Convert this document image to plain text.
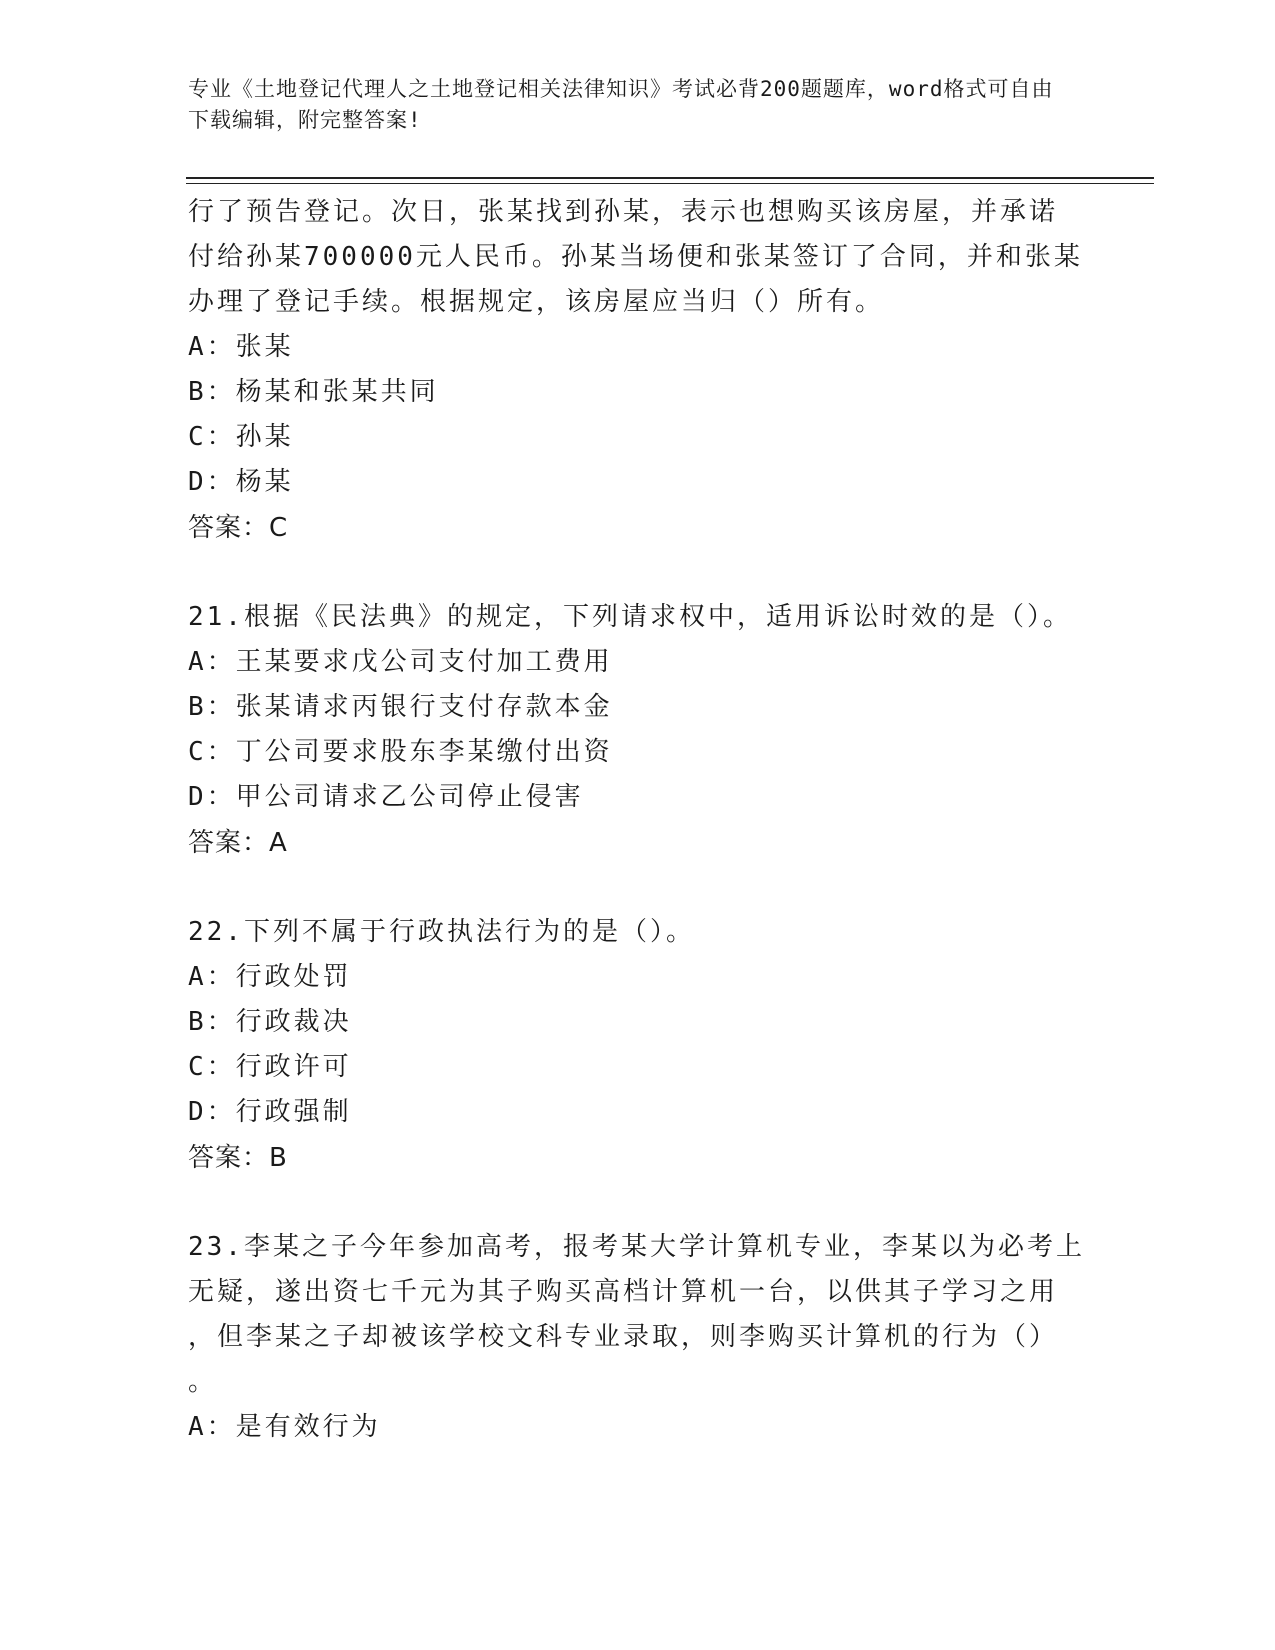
专业《土地登记代理人之土地登记相关法律知识》考试必背200题题库，word格式可自由下载编辑，附完整答案!
行了预告登记。次日，张某找到孙某，表示也想购买该房屋，并承诺
付给孙某700000元人民币。孙某当场便和张某签订了合同，并和张某
办理了登记手续。根据规定，该房屋应当归（）所有。
A：张某
B：杨某和张某共同
C：孙某
D：杨某
答案：C
21.根据《民法典》的规定，下列请求权中，适用诉讼时效的是（）。
A：王某要求戊公司支付加工费用
B：张某请求丙银行支付存款本金
C：丁公司要求股东李某缴付出资
D：甲公司请求乙公司停止侵害
答案：A
22.下列不属于行政执法行为的是（）。
A：行政处罚
B：行政裁决
C：行政许可
D：行政强制
答案：B
23.李某之子今年参加高考，报考某大学计算机专业，李某以为必考上
无疑，遂出资七千元为其子购买高档计算机一台，以供其子学习之用
，但李某之子却被该学校文科专业录取，则李购买计算机的行为（）
。
A：是有效行为
